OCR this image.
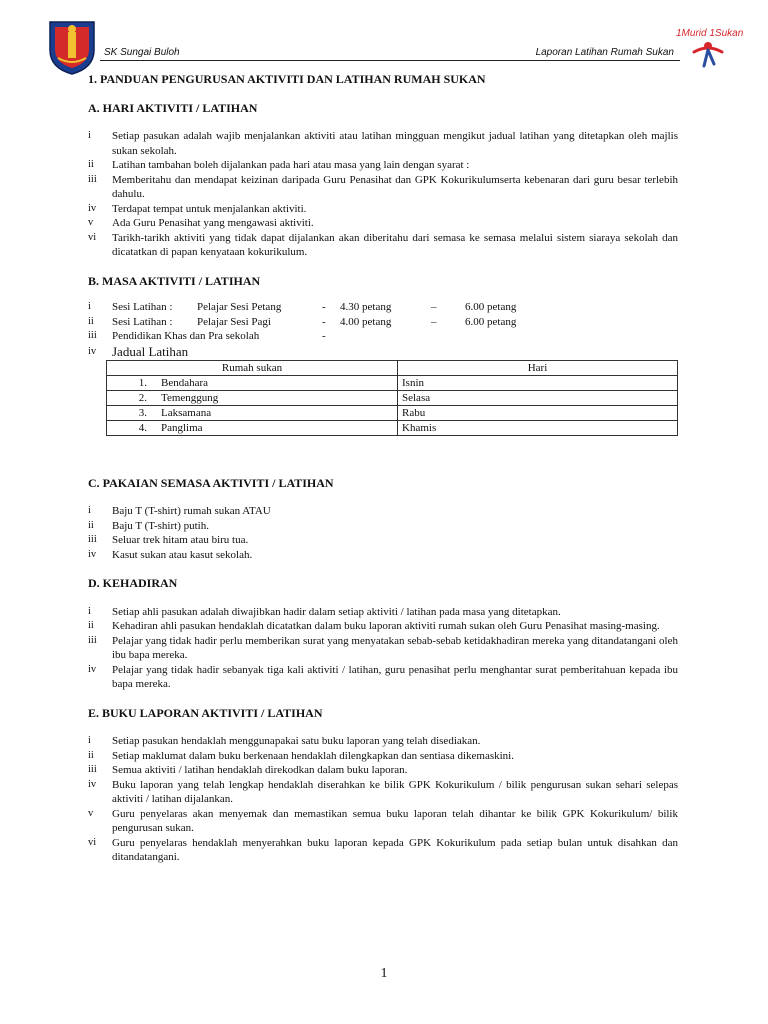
SK Sungai Buloh	Laporan Latihan Rumah Sukan
1Murid 1Sukan
1. PANDUAN PENGURUSAN AKTIVITI DAN LATIHAN RUMAH SUKAN
A. HARI AKTIVITI / LATIHAN
i Setiap pasukan adalah wajib menjalankan aktiviti atau latihan mingguan mengikut jadual latihan yang ditetapkan oleh majlis sukan sekolah.
ii Latihan tambahan boleh dijalankan pada hari atau masa yang lain dengan syarat :
iii Memberitahu dan mendapat keizinan daripada Guru Penasihat dan GPK Kokurikulumserta kebenaran dari guru besar terlebih dahulu.
iv Terdapat tempat untuk menjalankan aktiviti.
v Ada Guru Penasihat yang mengawasi aktiviti.
vi Tarikh-tarikh aktiviti yang tidak dapat dijalankan akan diberitahu dari semasa ke semasa melalui sistem siaraya sekolah dan dicatatkan di papan kenyataan kokurikulum.
B. MASA AKTIVITI / LATIHAN
i Sesi Latihan :	Pelajar Sesi Petang	-	4.30 petang	–	6.00 petang
ii Sesi Latihan :	Pelajar Sesi Pagi	-	4.00 petang	–	6.00 petang
iii Pendidikan Khas dan Pra sekolah	-
iv Jadual Latihan
Rumah sukan	Hari
1. Bendahara	Isnin
2. Temenggung	Selasa
3. Laksamana	Rabu
4. Panglima	Khamis
C. PAKAIAN SEMASA AKTIVITI / LATIHAN
i Baju T (T-shirt) rumah sukan ATAU
ii Baju T (T-shirt) putih.
iii Seluar trek hitam atau biru tua.
iv Kasut sukan atau kasut sekolah.
D. KEHADIRAN
i Setiap ahli pasukan adalah diwajibkan hadir dalam setiap aktiviti / latihan pada masa yang ditetapkan.
ii Kehadiran ahli pasukan hendaklah dicatatkan dalam buku laporan aktiviti rumah sukan oleh Guru Penasihat masing-masing.
iii Pelajar yang tidak hadir perlu memberikan surat yang menyatakan sebab-sebab ketidakhadiran mereka yang ditandatangani oleh ibu bapa mereka.
iv Pelajar yang tidak hadir sebanyak tiga kali aktiviti / latihan, guru penasihat perlu menghantar surat pemberitahuan kepada ibu bapa mereka.
E. BUKU LAPORAN AKTIVITI / LATIHAN
i Setiap pasukan hendaklah menggunapakai satu buku laporan yang telah disediakan.
ii Setiap maklumat dalam buku berkenaan hendaklah dilengkapkan dan sentiasa dikemaskini.
iii Semua aktiviti / latihan hendaklah direkodkan dalam buku laporan.
iv Buku laporan yang telah lengkap hendaklah diserahkan ke bilik GPK Kokurikulum / bilik pengurusan sukan sehari selepas aktiviti / latihan dijalankan.
v Guru penyelaras akan menyemak dan memastikan semua buku laporan telah dihantar ke bilik GPK Kokurikulum/ bilik pengurusan sukan.
vi Guru penyelaras hendaklah menyerahkan buku laporan kepada GPK Kokurikulum pada setiap bulan untuk disahkan dan ditandatangani.
1
